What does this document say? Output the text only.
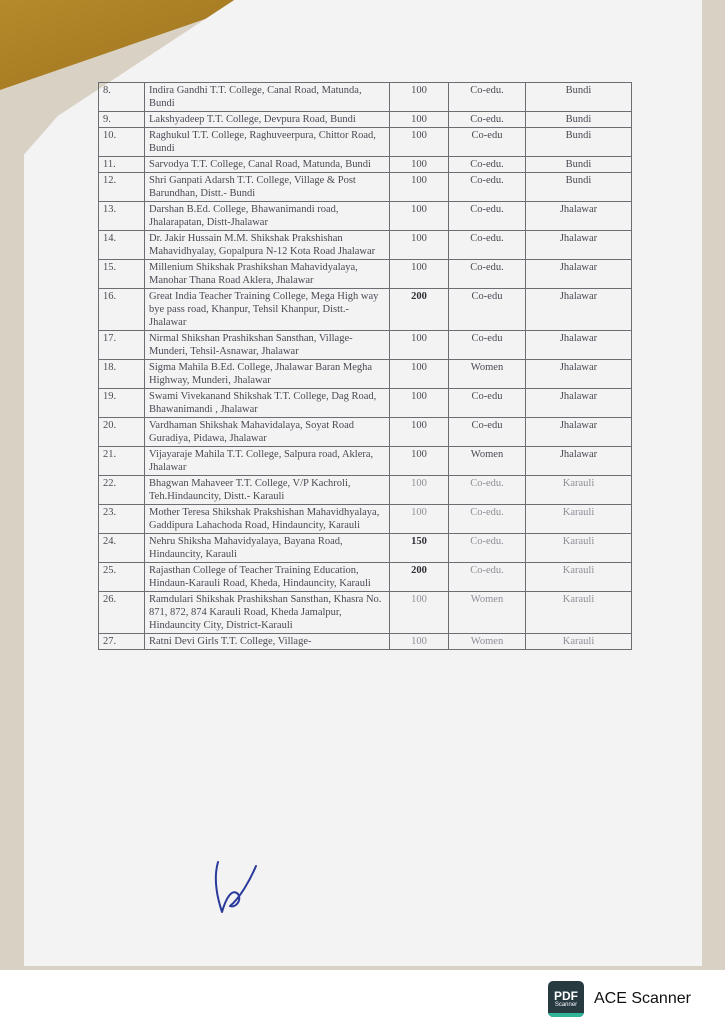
8.	Indira Gandhi T.T. College, Canal Road, Matunda, Bundi	100	Co-edu.	Bundi
9.	Lakshyadeep T.T. College, Devpura Road, Bundi	100	Co-edu.	Bundi
10.	Raghukul T.T. College, Raghuveerpura, Chittor Road, Bundi	100	Co-edu	Bundi
11.	Sarvodya T.T. College, Canal Road, Matunda, Bundi	100	Co-edu.	Bundi
12.	Shri Ganpati Adarsh T.T. College, Village & Post Barundhan, Distt.- Bundi	100	Co-edu.	Bundi
13.	Darshan B.Ed. College, Bhawanimandi road, Jhalarapatan, Distt-Jhalawar	100	Co-edu.	Jhalawar
14.	Dr. Jakir Hussain M.M. Shikshak Prakshishan Mahavidhyalay, Gopalpura N-12 Kota Road Jhalawar	100	Co-edu.	Jhalawar
15.	Millenium Shikshak Prashikshan Mahavidyalaya, Manohar Thana Road Aklera, Jhalawar	100	Co-edu.	Jhalawar
16.	Great India Teacher Training College, Mega High way bye pass road, Khanpur, Tehsil Khanpur, Distt.- Jhalawar	200	Co-edu	Jhalawar
17.	Nirmal Shikshan Prashikshan Sansthan, Village-Munderi, Tehsil-Asnawar, Jhalawar	100	Co-edu	Jhalawar
18.	Sigma Mahila B.Ed. College, Jhalawar Baran Megha Highway, Munderi, Jhalawar	100	Women	Jhalawar
19.	Swami Vivekanand Shikshak T.T. College, Dag Road, Bhawanimandi , Jhalawar	100	Co-edu	Jhalawar
20.	Vardhaman Shikshak Mahavidalaya, Soyat Road Guradiya, Pidawa, Jhalawar	100	Co-edu	Jhalawar
21.	Vijayaraje Mahila T.T. College, Salpura road, Aklera, Jhalawar	100	Women	Jhalawar
22.	Bhagwan Mahaveer T.T. College, V/P Kachroli, Teh.Hindauncity, Distt.- Karauli	100	Co-edu.	Karauli
23.	Mother Teresa Shikshak Prakshishan Mahavidhyalaya, Gaddipura Lahachoda Road, Hindauncity, Karauli	100	Co-edu.	Karauli
24.	Nehru Shiksha Mahavidyalaya, Bayana Road, Hindauncity, Karauli	150	Co-edu.	Karauli
25.	Rajasthan College of Teacher Training Education, Hindaun-Karauli Road, Kheda, Hindauncity, Karauli	200	Co-edu.	Karauli
26.	Ramdulari Shikshak Prashikshan Sansthan, Khasra No. 871, 872, 874 Karauli Road, Kheda Jamalpur, Hindauncity City, District-Karauli	100	Women	Karauli
27.	Ratni Devi Girls T.T. College, Village-	100	Women	Karauli
PDF
Scanner ACE Scanner
